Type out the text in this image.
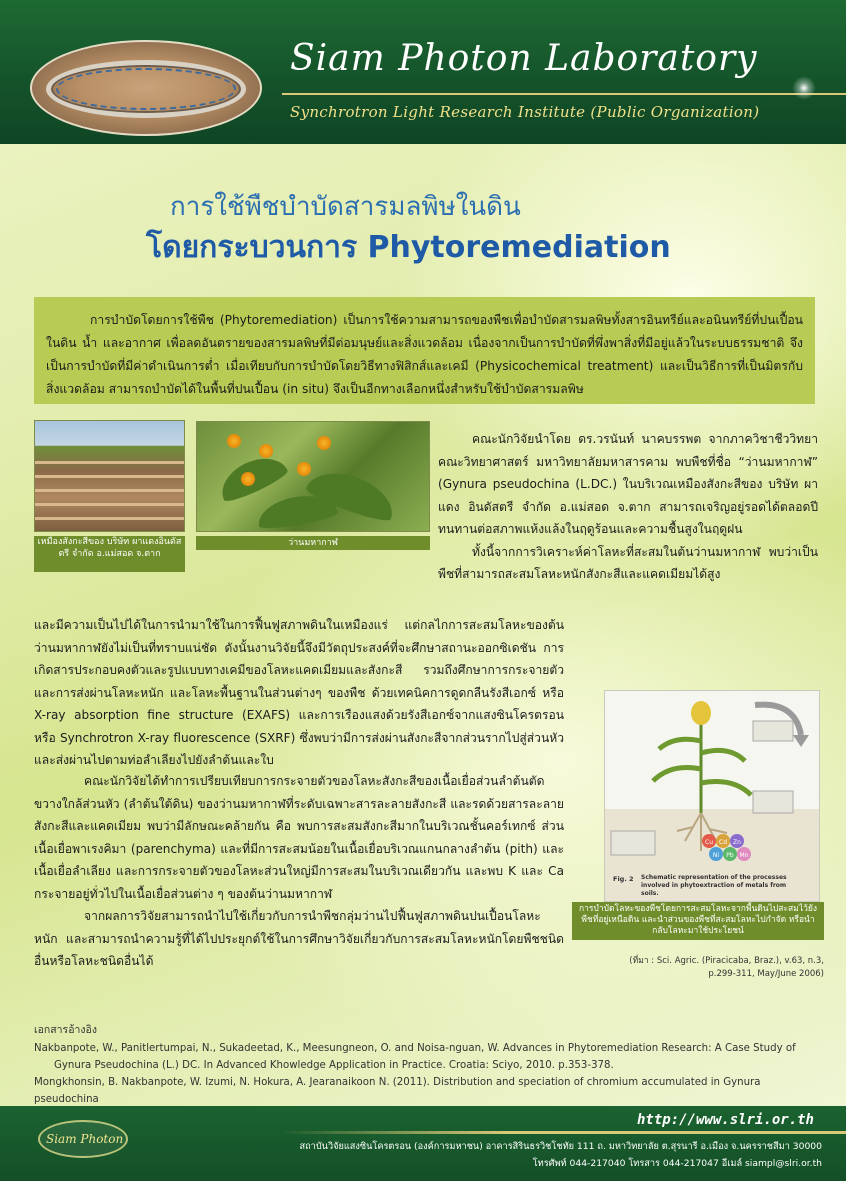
Siam Photon Laboratory
Synchrotron Light Research Institute (Public Organization)
การใช้พืชบำบัดสารมลพิษในดิน
โดยกระบวนการ Phytoremediation
การบำบัดโดยการใช้พืช (Phytoremediation) เป็นการใช้ความสามารถของพืชเพื่อบำบัดสารมลพิษทั้งสารอินทรีย์และอนินทรีย์ที่ปนเปื้อนในดิน น้ำ และอากาศ เพื่อลดอันตรายของสารมลพิษที่มีต่อมนุษย์และสิ่งแวดล้อม เนื่องจากเป็นการบำบัดที่พึ่งพาสิ่งที่มีอยู่แล้วในระบบธรรมชาติ จึงเป็นการบำบัดที่มีค่าดำเนินการต่ำ เมื่อเทียบกับการบำบัดโดยวิธีทางฟิสิกส์และเคมี (Physicochemical treatment) และเป็นวิธีการที่เป็นมิตรกับสิ่งแวดล้อม สามารถบำบัดได้ในพื้นที่ปนเปื้อน (in situ) จึงเป็นอีกทางเลือกหนึ่งสำหรับใช้บำบัดสารมลพิษ
เหมืองสังกะสีของ บริษัท ผาแดงอินดัสตรี จำกัด อ.แม่สอด จ.ตาก
ว่านมหากาฬ

คณะนักวิจัยนำโดย ดร.วรนันท์ นาคบรรพต จากภาควิชาชีววิทยา คณะวิทยาศาสตร์ มหาวิทยาลัยมหาสารคาม พบพืชที่ชื่อ “ว่านมหากาฬ” (Gynura pseudochina (L.DC.) ในบริเวณเหมืองสังกะสีของ บริษัท ผาแดง อินดัสตรี จำกัด อ.แม่สอด จ.ตาก สามารถเจริญอยู่รอดได้ตลอดปี ทนทานต่อสภาพแห้งแล้งในฤดูร้อนและความชื้นสูงในฤดูฝน

ทั้งนี้จากการวิเคราะห์ค่าโลหะที่สะสมในต้นว่านมหากาฬ พบว่าเป็นพืชที่สามารถสะสมโลหะหนักสังกะสีและแคดเมียมได้สูง

และมีความเป็นไปได้ในการนำมาใช้ในการฟื้นฟูสภาพดินในเหมืองแร่ แต่กลไกการสะสมโลหะของต้นว่านมหากาฬยังไม่เป็นที่ทราบแน่ชัด ดังนั้นงานวิจัยนี้จึงมีวัตถุประสงค์ที่จะศึกษาสถานะออกซิเดชัน การเกิดสารประกอบคงตัวและรูปแบบทางเคมีของโลหะแคดเมียมและสังกะสี รวมถึงศึกษาการกระจายตัวและการส่งผ่านโลหะหนัก และโลหะพื้นฐานในส่วนต่างๆ ของพืช ด้วยเทคนิคการดูดกลืนรังสีเอกซ์ หรือ X-ray absorption fine structure (EXAFS) และการเรืองแสงด้วยรังสีเอกซ์จากแสงซินโครตรอน หรือ Synchrotron X-ray fluorescence (SXRF) ซึ่งพบว่ามีการส่งผ่านสังกะสีจากส่วนรากไปสู่ส่วนหัว และส่งผ่านไปตามท่อลำเลียงไปยังลำต้นและใบ

คณะนักวิจัยได้ทำการเปรียบเทียบการกระจายตัวของโลหะสังกะสีของเนื้อเยื่อส่วนลำต้นตัดขวางใกล้ส่วนหัว (ลำต้นใต้ดิน) ของว่านมหากาฬที่ระดับเฉพาะสารละลายสังกะสี และรดด้วยสารละลายสังกะสีและแคดเมียม พบว่ามีลักษณะคล้ายกัน คือ พบการสะสมสังกะสีมากในบริเวณชั้นคอร์เทกซ์ ส่วนเนื้อเยื่อพาเรงคิมา (parenchyma) และที่มีการสะสมน้อยในเนื้อเยื่อบริเวณแกนกลางลำต้น (pith) และเนื้อเยื่อลำเลียง และการกระจายตัวของโลหะส่วนใหญ่มีการสะสมในบริเวณเดียวกัน และพบ K และ Ca กระจายอยู่ทั่วไปในเนื้อเยื่อส่วนต่าง ๆ ของต้นว่านมหากาฬ

จากผลการวิจัยสามารถนำไปใช้เกี่ยวกับการนำพืชกลุ่มว่านไปฟื้นฟูสภาพดินปนเปื้อนโลหะหนัก และสามารถนำความรู้ที่ได้ไปประยุกต์ใช้ในการศึกษาวิจัยเกี่ยวกับการสะสมโลหะหนักโดยพืชชนิดอื่นหรือโลหะชนิดอื่นได้

Cu Cd Zn
Ni Pb Mn
Fig. 2 Schematic representation of the processes involved in phytoextraction of metals from soils.
การบำบัดโลหะของพืชโดยการสะสมโลหะจากพื้นดินไปสะสมไว้ยังพืชที่อยู่เหนือดิน และนำส่วนของพืชที่สะสมโลหะไปกำจัด หรือนำกลับโลหะมาใช้ประโยชน์
(ที่มา : Sci. Agric. (Piracicaba, Braz.), v.63, n.3, p.299-311, May/June 2006)
เอกสารอ้างอิง
Nakbanpote, W., Panitlertumpai, N., Sukadeetad, K., Meesungneon, O. and Noisa-nguan, W. Advances in Phytoremediation Research: A Case Study of
Gynura Pseudochina (L.) DC. In Advanced Khowledge Application in Practice. Croatia: Sciyo, 2010. p.353-378.
Mongkhonsin, B. Nakbanpote, W. Izumi, N. Hokura, A. Jearanaikoon N. (2011). Distribution and speciation of chromium accumulated in Gynura pseudochina
Siam Photon
http://www.slri.or.th
สถาบันวิจัยแสงซินโครตรอน (องค์การมหาชน) อาคารสิรินธรวิชโชทัย 111 ถ. มหาวิทยาลัย ต.สุรนารี อ.เมือง จ.นครราชสีมา 30000
โทรศัพท์ 044-217040 โทรสาร 044-217047 อีเมล์ siampl@slri.or.th
